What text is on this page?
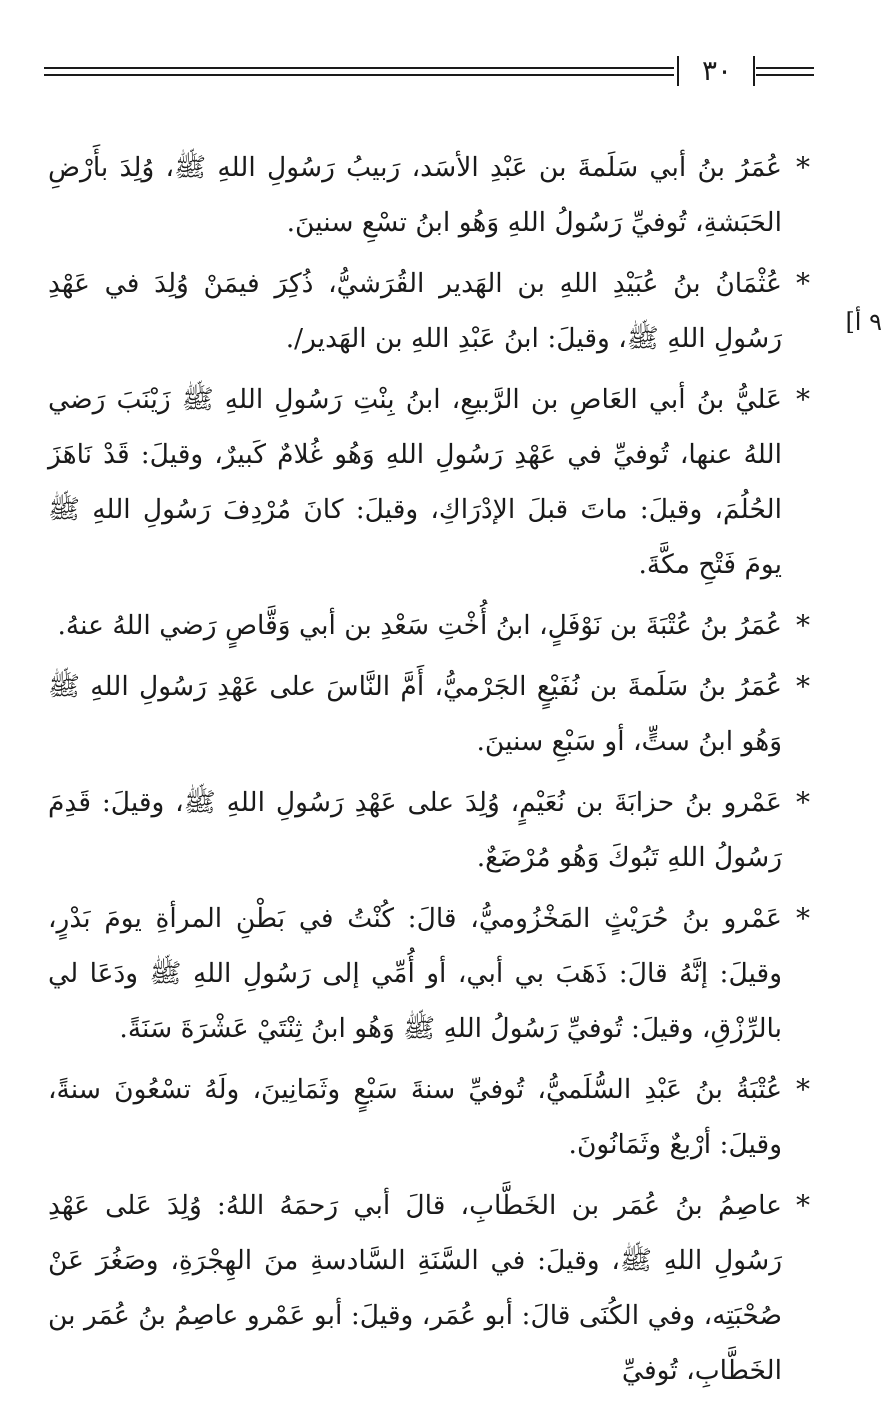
٣٠
٩ أ]

*
عُمَرُ بنُ أبي سَلَمةَ بن عَبْدِ الأسَد، رَبيبُ رَسُولِ اللهِ ﷺ، وُلِدَ بأَرْضِ الحَبَشةِ، تُوفيِّ رَسُولُ اللهِ وَهُو ابنُ تسْعِ سنينَ.

*
عُثْمَانُ بنُ عُبَيْدِ اللهِ بن الهَدير القُرَشيُّ، ذُكِرَ فيمَنْ وُلِدَ في عَهْدِ رَسُولِ اللهِ ﷺ، وقيلَ: ابنُ عَبْدِ اللهِ بن الهَدير/.

*
عَليُّ بنُ أبي العَاصِ بن الرَّبيعِ، ابنُ بِنْتِ رَسُولِ اللهِ ﷺ زَيْنَبَ رَضي اللهُ عنها، تُوفيِّ في عَهْدِ رَسُولِ اللهِ وَهُو غُلامٌ كَبيرٌ، وقيلَ: قَدْ نَاهَزَ الحُلُمَ، وقيلَ: ماتَ قبلَ الإدْرَاكِ، وقيلَ: كانَ مُرْدِفَ رَسُولِ اللهِ ﷺ يومَ فَتْحِ مكَّةَ.

*
عُمَرُ بنُ عُتْبَةَ بن نَوْفَلٍ، ابنُ أُخْتِ سَعْدِ بن أبي وَقَّاصٍ رَضي اللهُ عنهُ.

*
عُمَرُ بنُ سَلَمةَ بن نُفَيْعٍ الجَرْميُّ، أَمَّ النَّاسَ على عَهْدِ رَسُولِ اللهِ ﷺ وَهُو ابنُ ستٍّ، أو سَبْعِ سنينَ.

*
عَمْرو بنُ حزابَةَ بن نُعَيْمٍ، وُلِدَ على عَهْدِ رَسُولِ اللهِ ﷺ، وقيلَ: قَدِمَ رَسُولُ اللهِ تَبُوكَ وَهُو مُرْضَعٌ.

*
عَمْرو بنُ حُرَيْثٍ المَخْزُوميُّ، قالَ: كُنْتُ في بَطْنِ المرأةِ يومَ بَدْرٍ، وقيلَ: إنَّهُ قالَ: ذَهَبَ بي أبي، أو أُمِّي إلى رَسُولِ اللهِ ﷺ ودَعَا لي بالرِّزْقِ، وقيلَ: تُوفيِّ رَسُولُ اللهِ ﷺ وَهُو ابنُ ثِنْتَيْ عَشْرَةَ سَنَةً.

*
عُتْبَةُ بنُ عَبْدِ السُّلَميُّ، تُوفيِّ سنةَ سَبْعٍ وثَمَانِينَ، ولَهُ تسْعُونَ سنةً، وقيلَ: أرْبعٌ وثَمَانُونَ.

*
عاصِمُ بنُ عُمَر بن الخَطَّابِ، قالَ أبي رَحمَهُ اللهُ: وُلِدَ عَلى عَهْدِ رَسُولِ اللهِ ﷺ، وقيلَ: في السَّنَةِ السَّادسةِ منَ الهِجْرَةِ، وصَغُرَ عَنْ صُحْبَتِه، وفي الكُنَى قالَ: أبو عُمَر، وقيلَ: أبو عَمْرو عاصِمُ بنُ عُمَر بن الخَطَّابِ، تُوفيِّ
